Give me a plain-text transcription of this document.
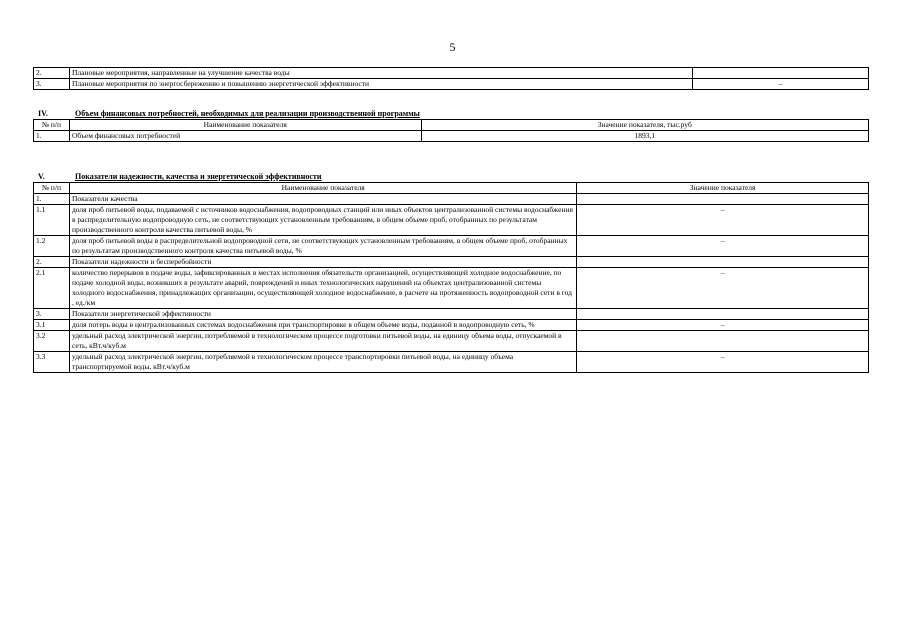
5
2.	Плановые мероприятия, направленные на улучшение качества воды	
3.	Плановые мероприятия по энергосбережению и повышению энергетической эффективности	–
IV.	Объем финансовых потребностей, необходимых для реализации производственной программы
№ п/п	Наименование показателя	Значение показателя, тыс.руб
1.	Объем финансовых потребностей	1893,1
V.	Показатели надежности, качества и энергетической эффективности
№ п/п	Наименование показателя	Значение показателя
1.	Показатели качества	
1.1	доля проб питьевой воды, подаваемой с источников водоснабжения, водопроводных станций или иных объектов централизованной системы водоснабжения в распределительную водопроводную сеть, не соответствующих установленным требованиям, в общем объеме проб, отобранных по результатам производственного контроля качества питьевой воды, %	–
1.2	доля проб питьевой воды в распределительной водопроводной сети, не соответствующих установленным требованиям, в общем объеме проб, отобранных по результатам производственного контроля качества питьевой воды, %	–
2.	Показатели надежности и бесперебойности	
2.1	количество перерывов в подаче воды, зафиксированных в местах исполнения обязательств организацией, осуществляющей холодное водоснабжение, по подаче холодной воды, возникших в результате аварий, повреждений и иных технологических нарушений на объектах централизованной системы холодного водоснабжения, принадлежащих организации, осуществляющей холодное водоснабжение, в расчете на протяженность водопроводной сети в год , ед./км	–
3.	Показатели энергетической эффективности	
3.1	доля потерь воды в централизованных системах водоснабжения при транспортировке в общем объеме воды, поданной в водопроводную сеть, %	–
3.2	удельный расход электрической энергии, потребляемой в технологическом процессе подготовки питьевой воды, на единицу объема воды, отпускаемой в сеть, кВт.ч/куб.м	
3.3	удельный расход электрической энергии, потребляемой в технологическом процессе транспортировки питьевой воды, на единицу объема транспортируемой воды, кВт.ч/куб.м	–
